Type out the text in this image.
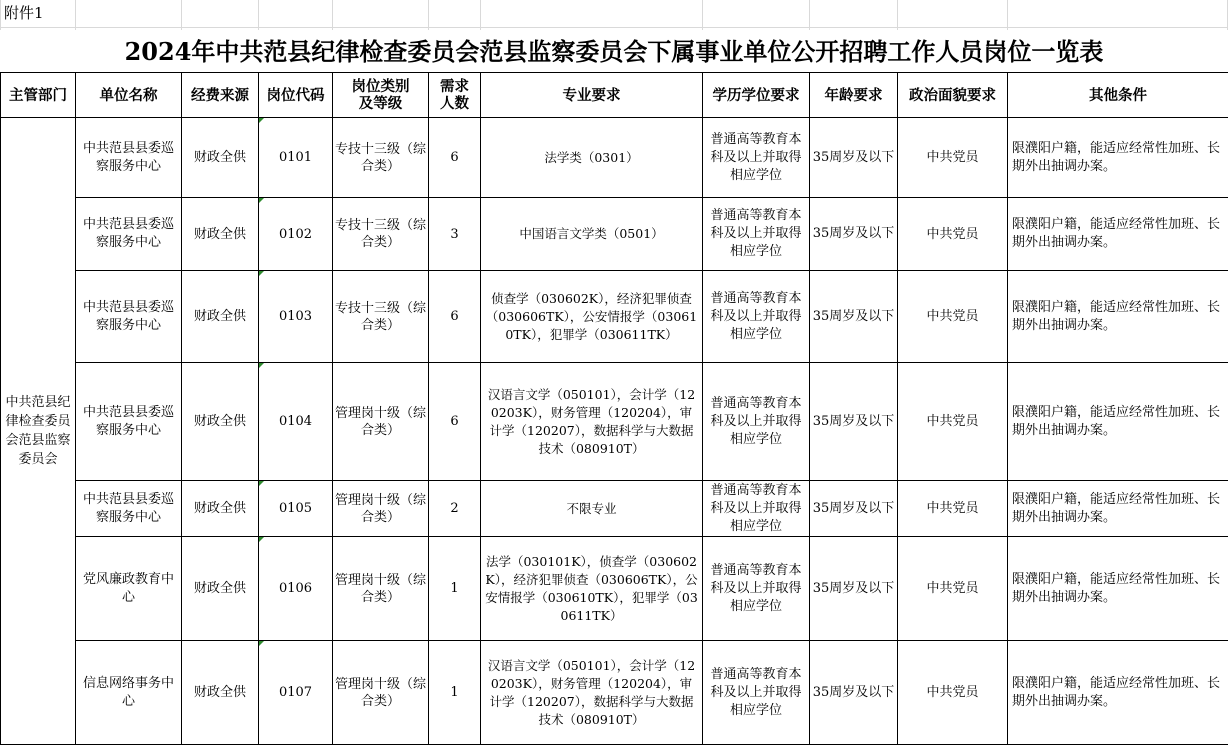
附件1
2024年中共范县纪律检查委员会范县监察委员会下属事业单位公开招聘工作人员岗位一览表
主管部门	单位名称	经费来源	岗位代码	岗位类别及等级	需求人数	专业要求	学历学位要求	年龄要求	政治面貌要求	其他条件
中共范县纪律检查委员会范县监察委员会	中共范县县委巡察服务中心	财政全供	0101	专技十三级（综合类）	6	法学类（0301）	普通高等教育本科及以上并取得相应学位	35周岁及以下	中共党员	限濮阳户籍，能适应经常性加班、长期外出抽调办案。
	中共范县县委巡察服务中心	财政全供	0102	专技十三级（综合类）	3	中国语言文学类（0501）	普通高等教育本科及以上并取得相应学位	35周岁及以下	中共党员	限濮阳户籍，能适应经常性加班、长期外出抽调办案。
	中共范县县委巡察服务中心	财政全供	0103	专技十三级（综合类）	6	侦查学（030602K），经济犯罪侦查（030606TK），公安情报学（030610TK），犯罪学（030611TK）	普通高等教育本科及以上并取得相应学位	35周岁及以下	中共党员	限濮阳户籍，能适应经常性加班、长期外出抽调办案。
	中共范县县委巡察服务中心	财政全供	0104	管理岗十级（综合类）	6	汉语言文学（050101），会计学（120203K），财务管理（120204），审计学（120207），数据科学与大数据技术（080910T）	普通高等教育本科及以上并取得相应学位	35周岁及以下	中共党员	限濮阳户籍，能适应经常性加班、长期外出抽调办案。
	中共范县县委巡察服务中心	财政全供	0105	管理岗十级（综合类）	2	不限专业	普通高等教育本科及以上并取得相应学位	35周岁及以下	中共党员	限濮阳户籍，能适应经常性加班、长期外出抽调办案。
	党风廉政教育中心	财政全供	0106	管理岗十级（综合类）	1	法学（030101K），侦查学（030602K），经济犯罪侦查（030606TK），公安情报学（030610TK），犯罪学（030611TK）	普通高等教育本科及以上并取得相应学位	35周岁及以下	中共党员	限濮阳户籍，能适应经常性加班、长期外出抽调办案。
	信息网络事务中心	财政全供	0107	管理岗十级（综合类）	1	汉语言文学（050101），会计学（120203K），财务管理（120204），审计学（120207），数据科学与大数据技术（080910T）	普通高等教育本科及以上并取得相应学位	35周岁及以下	中共党员	限濮阳户籍，能适应经常性加班、长期外出抽调办案。
